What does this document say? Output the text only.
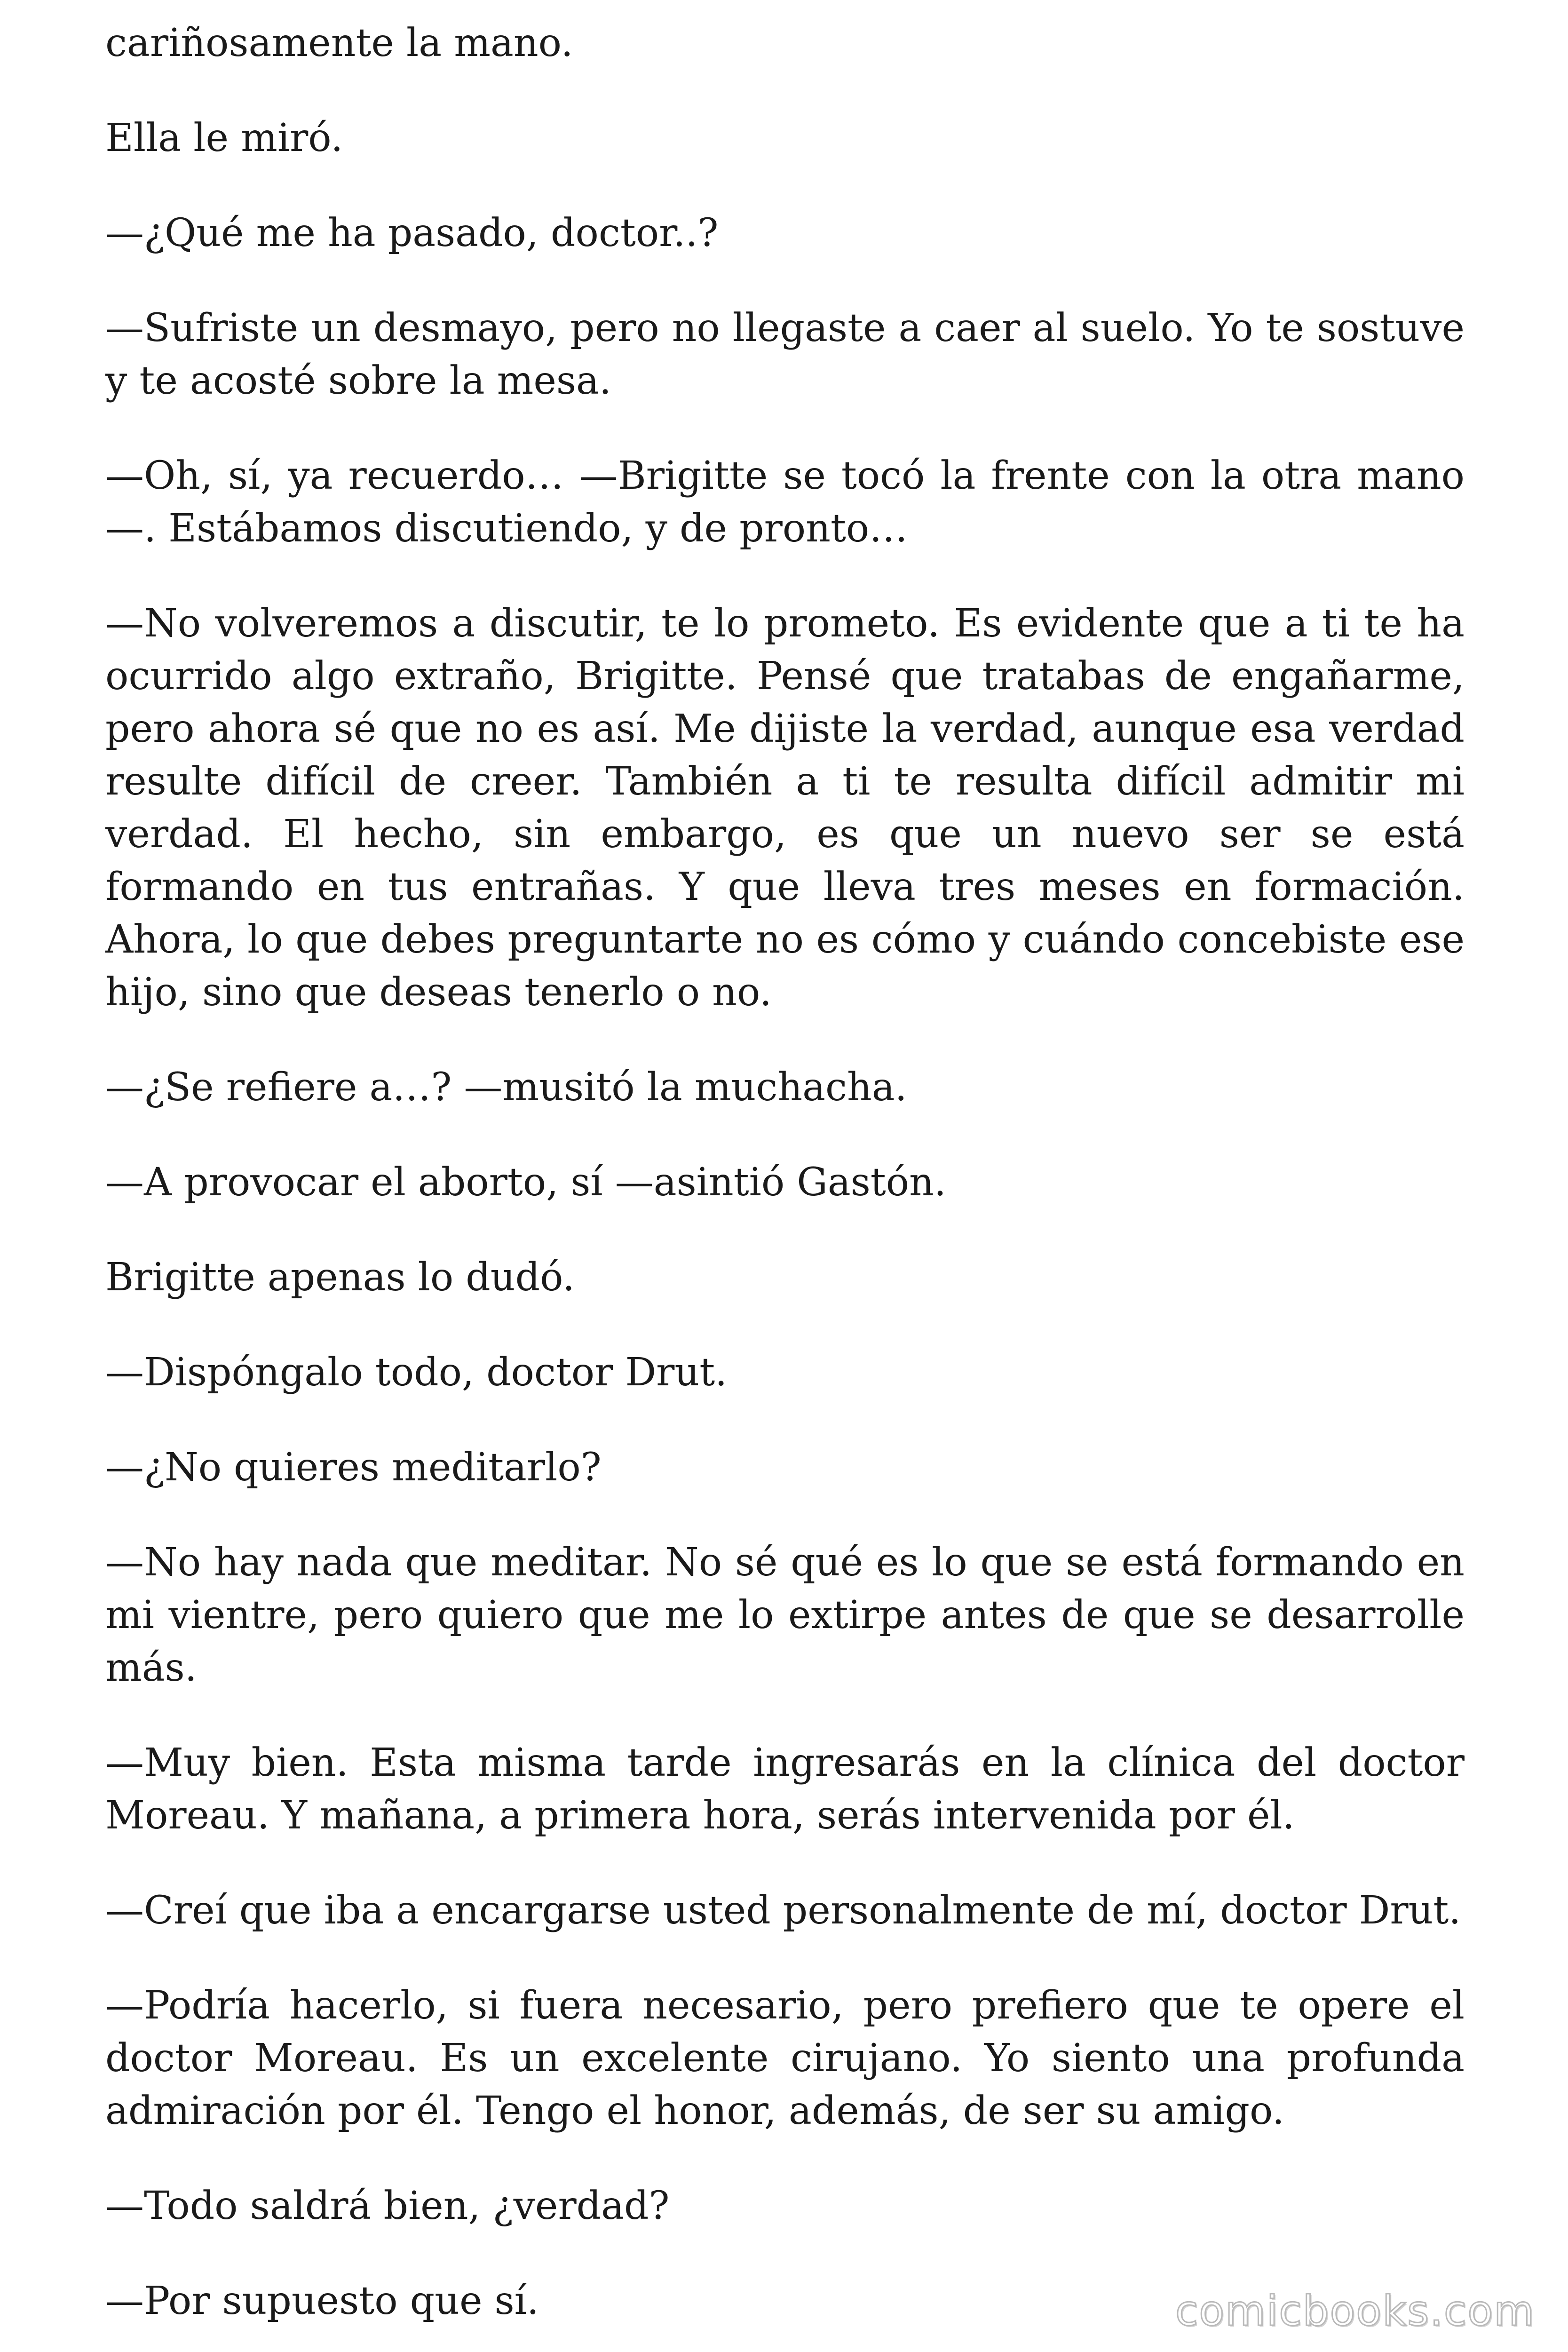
cariñosamente la mano.

Ella le miró.

—¿Qué me ha pasado, doctor..?

—Sufriste un desmayo, pero no llegaste a caer al suelo. Yo te sostuve y te acosté sobre la mesa.

—Oh, sí, ya recuerdo… —Brigitte se tocó la frente con la otra mano—. Estábamos discutiendo, y de pronto…

—No volveremos a discutir, te lo prometo. Es evidente que a ti te ha ocurrido algo extraño, Brigitte. Pensé que tratabas de engañarme, pero ahora sé que no es así. Me dijiste la verdad, aunque esa verdad resulte difícil de creer. También a ti te resulta difícil admitir mi verdad. El hecho, sin embargo, es que un nuevo ser se está formando en tus entrañas. Y que lleva tres meses en formación. Ahora, lo que debes preguntarte no es cómo y cuándo concebiste ese hijo, sino que deseas tenerlo o no.

—¿Se refiere a…? —musitó la muchacha.

—A provocar el aborto, sí —asintió Gastón.

Brigitte apenas lo dudó.

—Dispóngalo todo, doctor Drut.

—¿No quieres meditarlo?

—No hay nada que meditar. No sé qué es lo que se está formando en mi vientre, pero quiero que me lo extirpe antes de que se desarrolle más.

—Muy bien. Esta misma tarde ingresarás en la clínica del doctor Moreau. Y mañana, a primera hora, serás intervenida por él.

—Creí que iba a encargarse usted personalmente de mí, doctor Drut.

—Podría hacerlo, si fuera necesario, pero prefiero que te opere el doctor Moreau. Es un excelente cirujano. Yo siento una profunda admiración por él. Tengo el honor, además, de ser su amigo.

—Todo saldrá bien, ¿verdad?

—Por supuesto que sí.	comicbooks.com
